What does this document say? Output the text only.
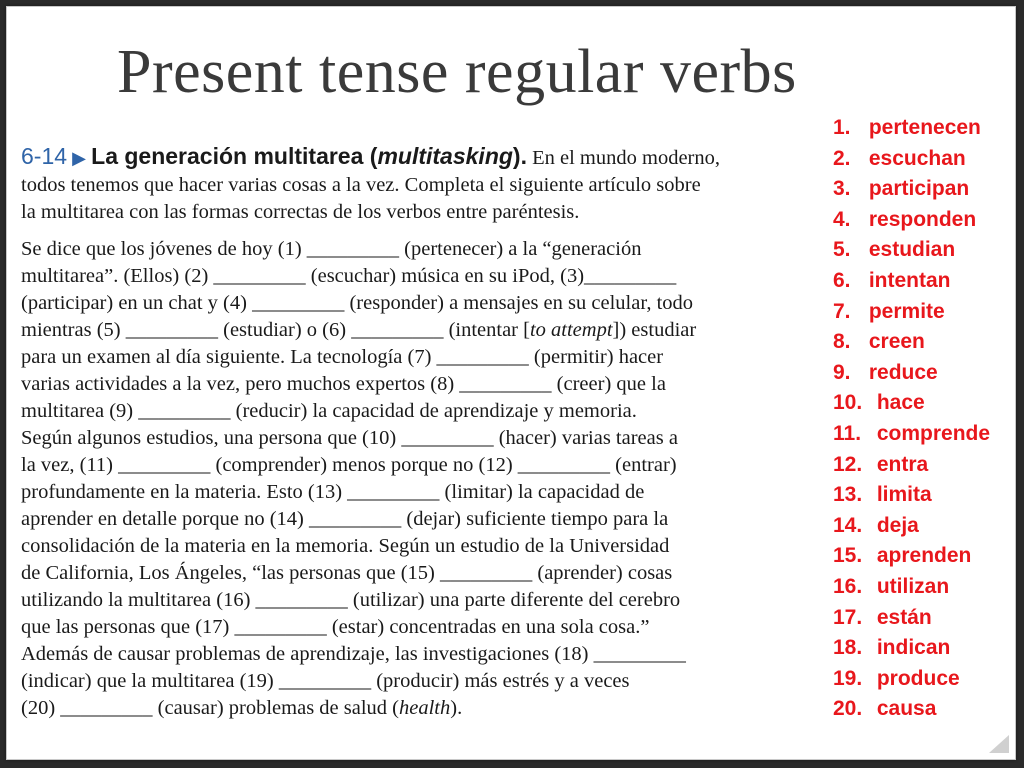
Present tense regular verbs

6-14 ▶ La generación multitarea (multitasking). En el mundo moderno,

todos tenemos que hacer varias cosas a la vez. Completa el siguiente artículo sobre
la multitarea con las formas correctas de los verbos entre paréntesis.
Se dice que los jóvenes de hoy (1) _________ (pertenecer) a la “generación
multitarea”. (Ellos) (2) _________ (escuchar) música en su iPod, (3)_________
(participar) en un chat y (4) _________ (responder) a mensajes en su celular, todo
mientras (5) _________ (estudiar) o (6) _________ (intentar [to attempt]) estudiar
para un examen al día siguiente. La tecnología (7) _________ (permitir) hacer
varias actividades a la vez, pero muchos expertos (8) _________ (creer) que la
multitarea (9) _________ (reducir) la capacidad de aprendizaje y memoria.
Según algunos estudios, una persona que (10) _________ (hacer) varias tareas a
la vez, (11) _________ (comprender) menos porque no (12) _________ (entrar)
profundamente en la materia. Esto (13) _________ (limitar) la capacidad de
aprender en detalle porque no (14) _________ (dejar) suficiente tiempo para la
consolidación de la materia en la memoria. Según un estudio de la Universidad
de California, Los Ángeles, “las personas que (15) _________ (aprender) cosas
utilizando la multitarea (16) _________ (utilizar) una parte diferente del cerebro
que las personas que (17) _________ (estar) concentradas en una sola cosa.”
Además de causar problemas de aprendizaje, las investigaciones (18) _________
(indicar) que la multitarea (19) _________ (producir) más estrés y a veces
(20) _________ (causar) problemas de salud (health).
1. pertenecen
2. escuchan
3. participan
4. responden
5. estudian
6. intentan
7. permite
8. creen
9. reduce
10. hace
11. comprende
12. entra
13. limita
14. deja
15. aprenden
16. utilizan
17. están
18. indican
19. produce
20. causa
